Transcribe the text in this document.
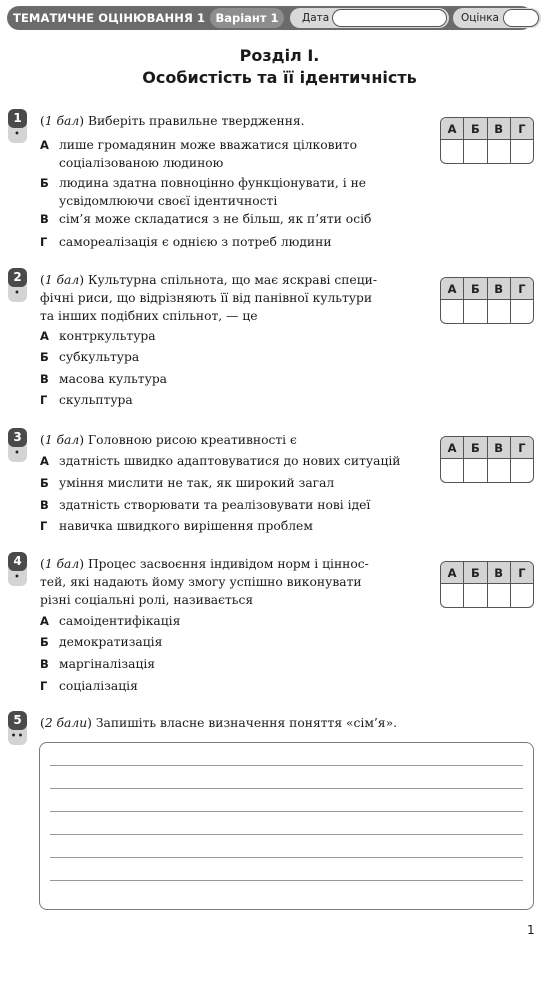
ТЕМАТИЧНЕ ОЦІНЮВАННЯ 1 Варіант 1	Дата	Оцінка
Розділ I.
Особистість та її ідентичність
1
•
(1 бал) Виберіть правильне твердження.
А лише громадянин може вважатися цілковито
соціалізованою людиною
Б людина здатна повноцінно функціонувати, і не
усвідомлюючи своєї ідентичності
В сім’я може складатися з не більш, як п’яти осіб
Г самореалізація є однією з потреб людини
А	Б	В	Г
2
•
(1 бал) Культурна спільнота, що має яскраві специ-
фічні риси, що відрізняють її від панівної культури
та інших подібних спільнот, — це
А контркультура
Б субкультура
В масова культура
Г скульптура
А	Б	В	Г
3
•
(1 бал) Головною рисою креативності є
А здатність швидко адаптовуватися до нових ситуацій
Б уміння мислити не так, як широкий загал
В здатність створювати та реалізовувати нові ідеї
Г навичка швидкого вирішення проблем
А	Б	В	Г
4
•
(1 бал) Процес засвоєння індивідом норм і ціннос-
тей, які надають йому змогу успішно виконувати
різні соціальні ролі, називається
А самоідентифікація
Б демократизація
В маргіналізація
Г соціалізація
А	Б	В	Г
5
••
(2 бали) Запишіть власне визначення поняття «сім’я».
1
